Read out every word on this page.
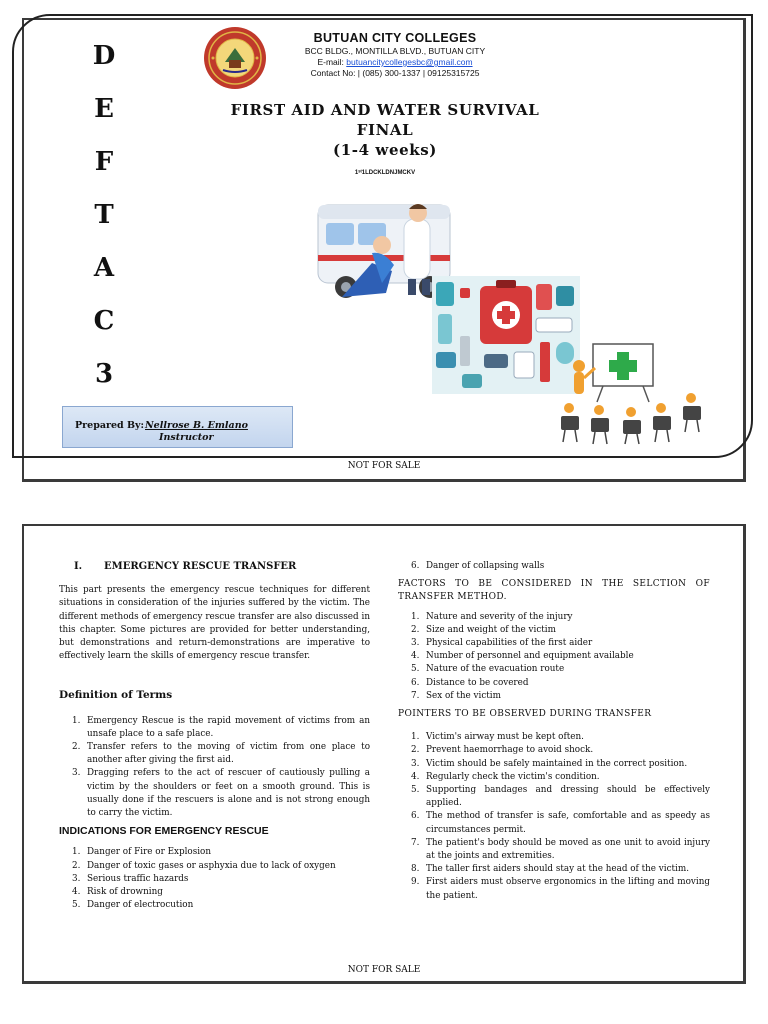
D
E
F
T
A
C
3
BUTUAN CITY COLLEGES
BCC BLDG., MONTILLA BLVD., BUTUAN CITY
E-mail: butuancitycollegesbc@gmail.com
Contact No: | (085) 300-1337 | 09125315725
FIRST AID AND WATER SURVIVAL
FINAL
(1-4 weeks)
1ˢᵗ1LDCKLDNJMCKV
Prepared By: Nellrose B. Emlano
Instructor
NOT FOR SALE
I. EMERGENCY RESCUE TRANSFER

This part presents the emergency rescue techniques for different situations in consideration of the injuries suffered by the victim. The different methods of emergency rescue transfer are also discussed in this chapter. Some pictures are provided for better understanding, but demonstrations and return-demonstrations are imperative to effectively learn the skills of emergency rescue transfer.

Definition of Terms
1. Emergency Rescue is the rapid movement of victims from an unsafe place to a safe place.
2. Transfer refers to the moving of victim from one place to another after giving the first aid.
3. Dragging refers to the act of rescuer of cautiously pulling a victim by the shoulders or feet on a smooth ground. This is usually done if the rescuers is alone and is not strong enough to carry the victim.
INDICATIONS FOR EMERGENCY RESCUE
1. Danger of Fire or Explosion
2. Danger of toxic gases or asphyxia due to lack of oxygen
3. Serious traffic hazards
4. Risk of drowning
5. Danger of electrocution
6. Danger of collapsing walls

FACTORS TO BE CONSIDERED IN THE SELCTION OF TRANSFER METHOD.

1. Nature and severity of the injury
2. Size and weight of the victim
3. Physical capabilities of the first aider
4. Number of personnel and equipment available
5. Nature of the evacuation route
6. Distance to be covered
7. Sex of the victim

POINTERS TO BE OBSERVED DURING TRANSFER

1. Victim's airway must be kept often.
2. Prevent haemorrhage to avoid shock.
3. Victim should be safely maintained in the correct position.
4. Regularly check the victim's condition.
5. Supporting bandages and dressing should be effectively applied.
6. The method of transfer is safe, comfortable and as speedy as circumstances permit.
7. The patient's body should be moved as one unit to avoid injury at the joints and extremities.
8. The taller first aiders should stay at the head of the victim.
9. First aiders must observe ergonomics in the lifting and moving the patient.
NOT FOR SALE
